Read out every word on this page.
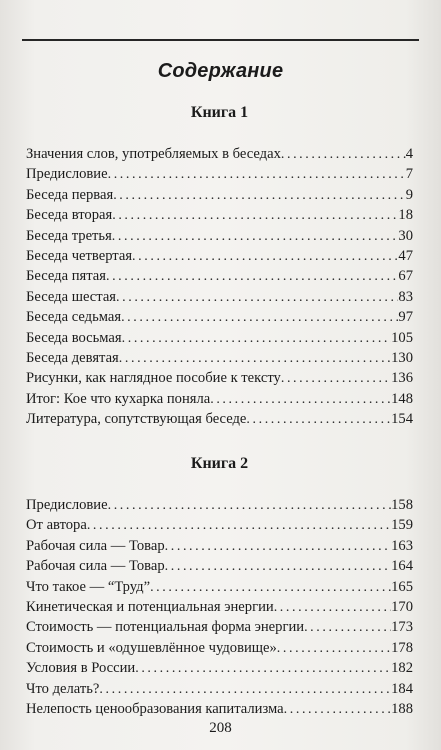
Содержание
Книга 1
Значения слов, употребляемых в беседах .....	4
Предисловие .....	7
Беседа первая .....	9
Беседа вторая .....	18
Беседа третья .....	30
Беседа четвертая .....	47
Беседа пятая .....	67
Беседа шестая .....	83
Беседа седьмая .....	97
Беседа восьмая .....	105
Беседа девятая .....	130
Рисунки, как наглядное пособие к тексту .....	136
Итог: Кое что кухарка поняла .....	148
Литература, сопутствующая беседе .....	154
Книга 2
Предисловие .....	158
От автора .....	159
Рабочая сила — Товар .....	163
Рабочая сила — Товар .....	164
Что такое — “Труд” .....	165
Кинетическая и потенциальная энергии .....	170
Стоимость — потенциальная форма энергии .....	173
Стоимость и «одушевлённое чудовище» .....	178
Условия в России .....	182
Что делать? .....	184
Нелепость ценообразования капитализма .....	188
208
